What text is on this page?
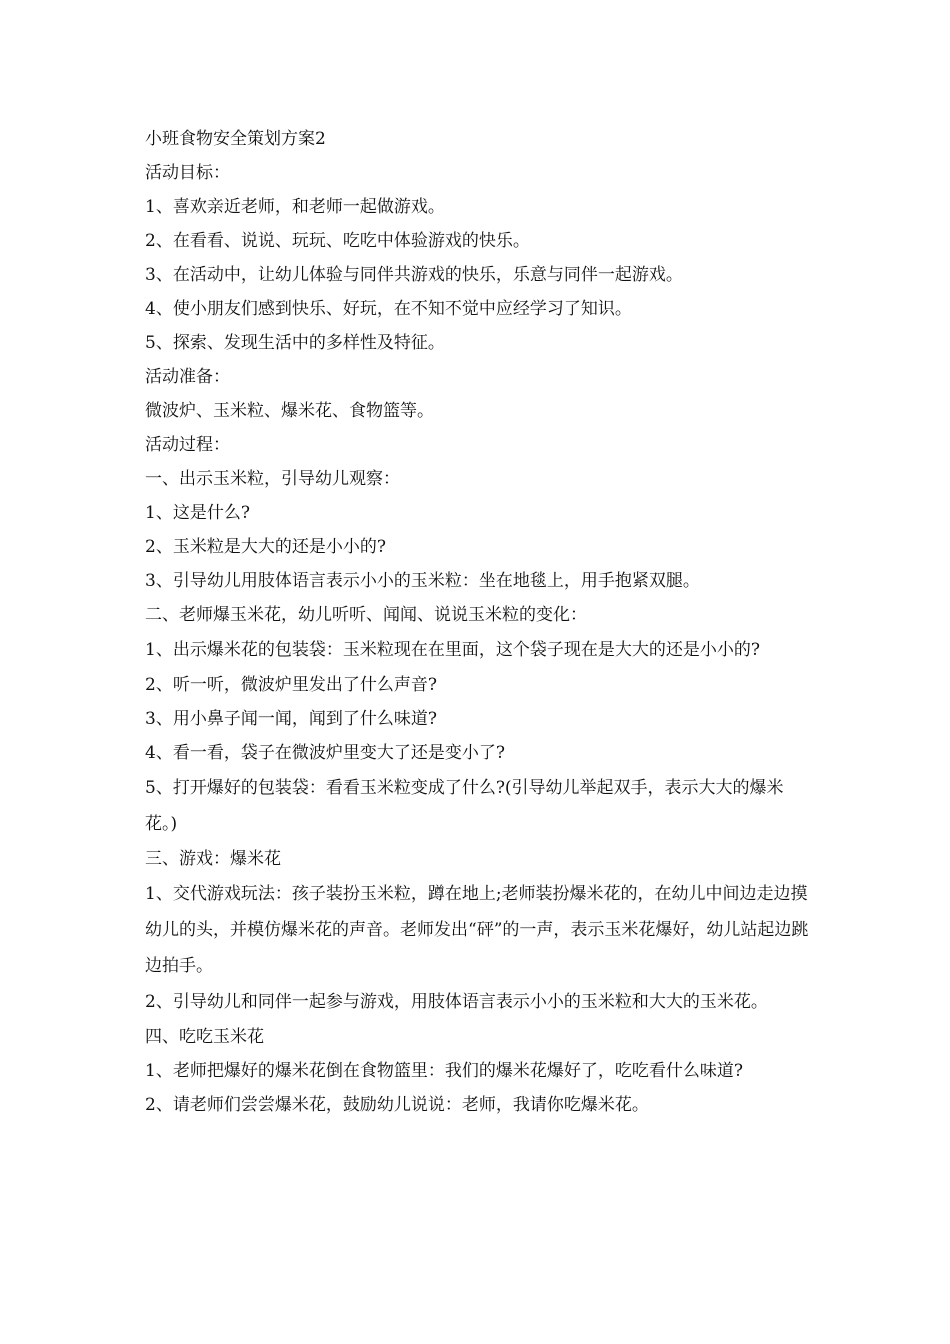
小班食物安全策划方案2

活动目标：

1、喜欢亲近老师，和老师一起做游戏。

2、在看看、说说、玩玩、吃吃中体验游戏的快乐。

3、在活动中，让幼儿体验与同伴共游戏的快乐，乐意与同伴一起游戏。

4、使小朋友们感到快乐、好玩，在不知不觉中应经学习了知识。

5、探索、发现生活中的多样性及特征。

活动准备：

微波炉、玉米粒、爆米花、食物篮等。

活动过程：

一、出示玉米粒，引导幼儿观察：

1、这是什么?

2、玉米粒是大大的还是小小的?

3、引导幼儿用肢体语言表示小小的玉米粒：坐在地毯上，用手抱紧双腿。

二、老师爆玉米花，幼儿听听、闻闻、说说玉米粒的变化：

1、出示爆米花的包装袋：玉米粒现在在里面，这个袋子现在是大大的还是小小的?

2、听一听，微波炉里发出了什么声音?

3、用小鼻子闻一闻，闻到了什么味道?

4、看一看，袋子在微波炉里变大了还是变小了?

5、打开爆好的包装袋：看看玉米粒变成了什么?(引导幼儿举起双手，表示大大的爆米花。)

三、游戏：爆米花

1、交代游戏玩法：孩子装扮玉米粒，蹲在地上;老师装扮爆米花的，在幼儿中间边走边摸幼儿的头，并模仿爆米花的声音。老师发出“砰”的一声，表示玉米花爆好，幼儿站起边跳边拍手。

2、引导幼儿和同伴一起参与游戏，用肢体语言表示小小的玉米粒和大大的玉米花。

四、吃吃玉米花

1、老师把爆好的爆米花倒在食物篮里：我们的爆米花爆好了，吃吃看什么味道?

2、请老师们尝尝爆米花，鼓励幼儿说说：老师，我请你吃爆米花。
